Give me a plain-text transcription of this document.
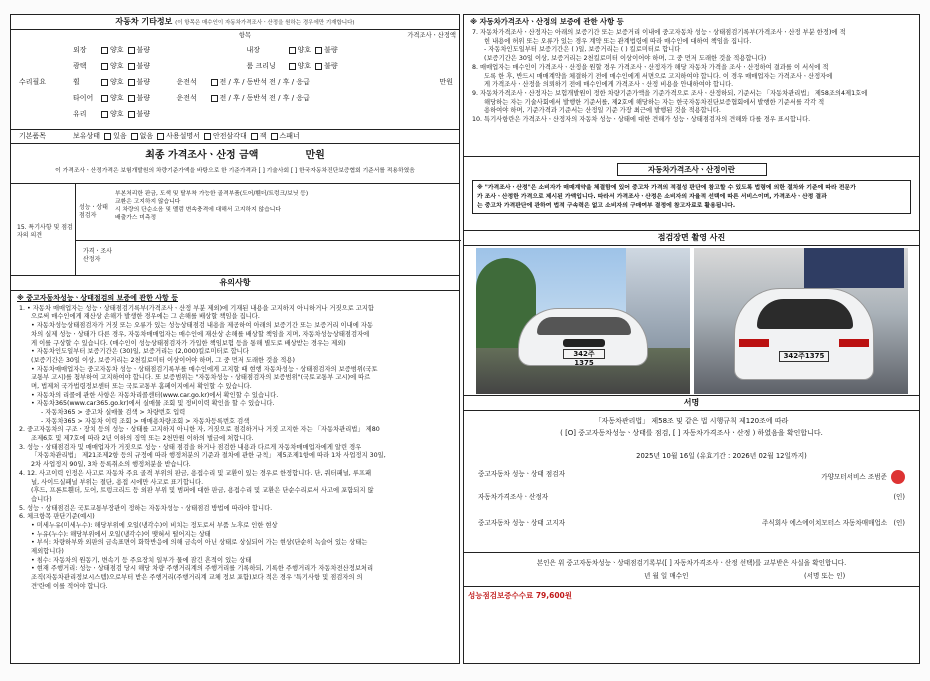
자동차 기타정보 (이 항목은 매수인이 자동차가격조사ㆍ산정을 원하는 경우에만 기재합니다)
항목	가격조사ㆍ산정액
수리필요	만원
외장	양호 불량	내장	양호 불량
광택	양호 불량	룸 크리닝	양호 불량
휠	양호 불량	운전석	전 / 후 / 동반석 전 / 후 / 응급
타이어	양호 불량	운전석	전 / 후 / 동반석 전 / 후 / 응급
유리	양호 불량
기본품목	보유상태 있음 없음 사용설명서 안전삼각대 잭 스패너
최종 가격조사ㆍ산정 금액	만원
이 가격조사ㆍ산정가격은 보험개발원의 차량기준가액을 바탕으로 한 기준가격과 [ ] 기술사회 [ ] 한국자동차진단보증협회 기준서를 적용하였음
15. 특기사항 및 점검자의 의견
성능ㆍ상태 점검자
부본처리한 판금, 도색 및 탈부착 가능한 골격부품(도어/휀더/트렁크/보닛 등)
교환은 고지하지 않습니다
시 차량의 단순소음 및 멜럼 변속충격에 대해서 고지하지 않습니다
배출가스 미측정
가격ㆍ조사 산정자
유의사항
※ 중고자동차성능ㆍ상태점검의 보증에 관한 사항 등

1. • 자동차 매매업자는 성능ㆍ상태점검기록부(가격조사ㆍ산정 부분 제외)에 기재된 내용을 고지하지 아니하거나 거짓으로 고지함

으로써 매수인에게 재산상 손해가 발생한 경우에는 그 손해를 배상할 책임을 집니다.

• 자동차성능상태점검자가 거짓 또는 오류가 있는 성능상태점검 내용을 제공하여 아래의 보증기간 또는 보증거리 이내에 자동

차의 실제 성능ㆍ상태가 다른 경우, 자동차매매업자는 매수인에 재산상 손해를 배상할 책임을 지며, 자동차성능상태점검자에

게 이를 구상할 수 있습니다. (매수인이 성능상태점검자가 가입한 책임보험 등을 통해 별도로 배상받는 경우는 제외)

• 자동차인도일부터 보증기간은 (30)일, 보증거리는 (2,000)킬로미터로 합니다

(보증기간은 30일 이상, 보증거리는 2천킬로미터 이상이어야 하며, 그 중 먼저 도래한 것을 적용)

• 자동차매매업자는 중고자동차 성능ㆍ상태점검기록부를 매수인에게 고지할 때 현행 자동차성능ㆍ상태점검자의 보증범위(국토

교통부 고시)를 첨부하여 고지하여야 합니다. 또 보증범위는 "자동차성능ㆍ상태점검자의 보증범위"(국토교통부 고시)에 따르

며, 법제처 국가법령정보센터 또는 국토교통부 홈페이지에서 확인할 수 있습니다.

• 자동차의 리콜에 관한 사항은 자동차리콜센터(www.car.go.kr)에서 확인할 수 있습니다.

• 자동차365(www.car365.go.kr)에서 실매물 조회 및 정비이력 확인을 할 수 있습니다.

- 자동차365 > 중고차 실매물 검색 > 차량번호 입력

- 자동차365 > 자동차 이력 조회 > 매매용차량조회 > 자동차등록번호 검색

2. 중고자동차의 구조ㆍ장치 등의 성능ㆍ상태를 고지하지 아니한 자, 거짓으로 점검하거나 거짓 고지한 자는 「자동차관리법」 제80

조제6호 및 제7호에 따라 2년 이하의 징역 또는 2천만원 이하의 벌금에 처합니다.

3. 성능ㆍ상태점검자 및 매매업자가 거짓으로 성능ㆍ상태 점검을 하거나 점검한 내용과 다르게 자동차매매업자에게 알린 경우

「자동차관리법」 제21조제2항 등의 규정에 따라 행정처분의 기준과 절차에 관한 규칙」 제5조제1항에 따라 1차 사업정지 30일,

2차 사업정지 90일, 3차 등록취소의 행정처분을 받습니다.

4. 12. 사고이력 인정은 사고로 자동차 주요 골격 부위의 판금, 용접수리 및 교환이 있는 경우로 한정합니다. 단, 쿼터패널, 루프패

널, 사이드실패널 부위는 절단, 용접 시에만 사고로 표기합니다.

(후드, 프론트휀더, 도어, 트렁크리드 등 외판 부위 및 범퍼에 대한 판금, 용접수리 및 교환은 단순수리로서 사고에 포함되지 않

습니다)

5. 성능ㆍ상태점검은 국토교통부장관이 정하는 자동차성능ㆍ상태점검 방법에 따라야 합니다.

6. 체크항목 판단기준(예시)

• 미세누유(미세누수): 해당부위에 오일(냉각수)이 비치는 정도로서 부품 노후로 인한 현상

• 누유(누수): 해당부위에서 오일(냉각수)이 맺혀서 떨어지는 상태

• 부식: 차량하부와 외판의 금속표면이 화학반응에 의해 금속이 아닌 상태로 상실되어 가는 현상(단순히 녹슬어 있는 상태는

제외합니다)

• 침수: 자동차의 원동기, 변속기 등 주요장치 일부가 물에 잠긴 흔적이 있는 상태

• 현재 주행거리: 성능ㆍ상태점검 당시 해당 차량 주행거리계의 주행거리를 기록하되, 기록한 주행거리가 자동차전산정보처리

조직(자동차관리정보시스템)으로부터 받은 주행거리(주행거리계 교체 정보 포함)보다 적은 경우 '특기사항 및 점검자의 의

견'란에 이를 적어야 합니다.

※ 자동차가격조사ㆍ산정의 보증에 관한 사항 등

7. 자동차가격조사ㆍ산정자는 아래의 보증기간 또는 보증거리 이내에 중고자동차 성능ㆍ상태점검기록부(가격조사ㆍ산정 부분 한정)에 적

힌 내용에 허위 또는 오류가 있는 경우 계약 또는 관계법령에 따라 매수인에 대하여 책임을 집니다.

- 자동차인도일부터 보증기간은 ( )일, 보증거리는 ( ) 킬로미터로 합니다

(보증기간은 30일 이상, 보증거리는 2천킬로미터 이상이어야 하며, 그 중 먼저 도래한 것을 적용합니다)

8. 매매업자는 매수인이 가격조사ㆍ산정을 원할 경우 가격조사ㆍ산정자가 해당 자동차 가격을 조사ㆍ산정하여 결과를 이 서식에 적

도록 한 후, 반드시 매매계약을 체결하기 전에 매수인에게 서면으로 고지하여야 합니다. 이 경우 매매업자는 가격조사ㆍ산정자에

게 가격조사ㆍ산정을 의뢰하기 전에 매수인에게 가격조사ㆍ산정 비용을 안내하여야 합니다.

9. 자동차가격조사ㆍ산정자는 보험개발원이 정한 차량기준가액을 기준가격으로 조사ㆍ산정하되, 기준서는 「자동차관리법」 제58조의4제1호에

해당하는 자는 기술사회에서 발행한 기준서를, 제2호에 해당하는 자는 한국자동차진단보증협회에서 발행한 기준서를 각각 적

용하여야 하며, 기준가격과 기준서는 산정일 기준 가장 최근에 발행된 것을 적용합니다.

10. 특기사항란은 가격조사ㆍ산정자의 자동차 성능ㆍ상태에 대한 견해가 성능ㆍ상태점검자의 견해와 다를 경우 표시합니다.

자동차가격조사ㆍ산정이란
※ "가격조사ㆍ산정"은 소비자가 매매계약을 체결함에 있어 중고차 가격의 적절성 판단에 참고할 수 있도록 법령에 의한 절차와 기준에 따라 전문가
가 조사ㆍ산정한 가격으로 제시된 가액입니다. 따라서 가격조사ㆍ산정은 소비자의 자율적 선택에 따른 서비스이며, 가격조사ㆍ산정 결과
는 중고차 가격판단에 관하여 법적 구속력은 없고 소비자의 구매여부 결정에 참고자료로 활용됩니다.
점검장면 촬영 사진
342주1375
342주1375
서명
「자동차관리법」 제58조 및 같은 법 시행규칙 제120조에 따라
( [O] 중고자동차성능ㆍ상태를 점검, [ ] 자동차가격조사ㆍ산정 ) 하였음을 확인합니다.
2025년 10월 16일 (유효기간 : 2026년 02월 12일까지)
중고자동차 성능ㆍ상태 점검자	가양모터서비스 조범준
자동차가격조사ㆍ산정자	(인)
중고자동차 성능ㆍ상태 고지자	주식회사 에스에이치모터스 자동차매매업소 (인)
본인은 위 중고자동차성능ㆍ상태점검기록부([ ] 자동차가격조사ㆍ산정 선택)를 교부받은 사실을 확인합니다.
년 월 일 매수인	(서명 또는 인)
성능점검보증수수료 79,600원
